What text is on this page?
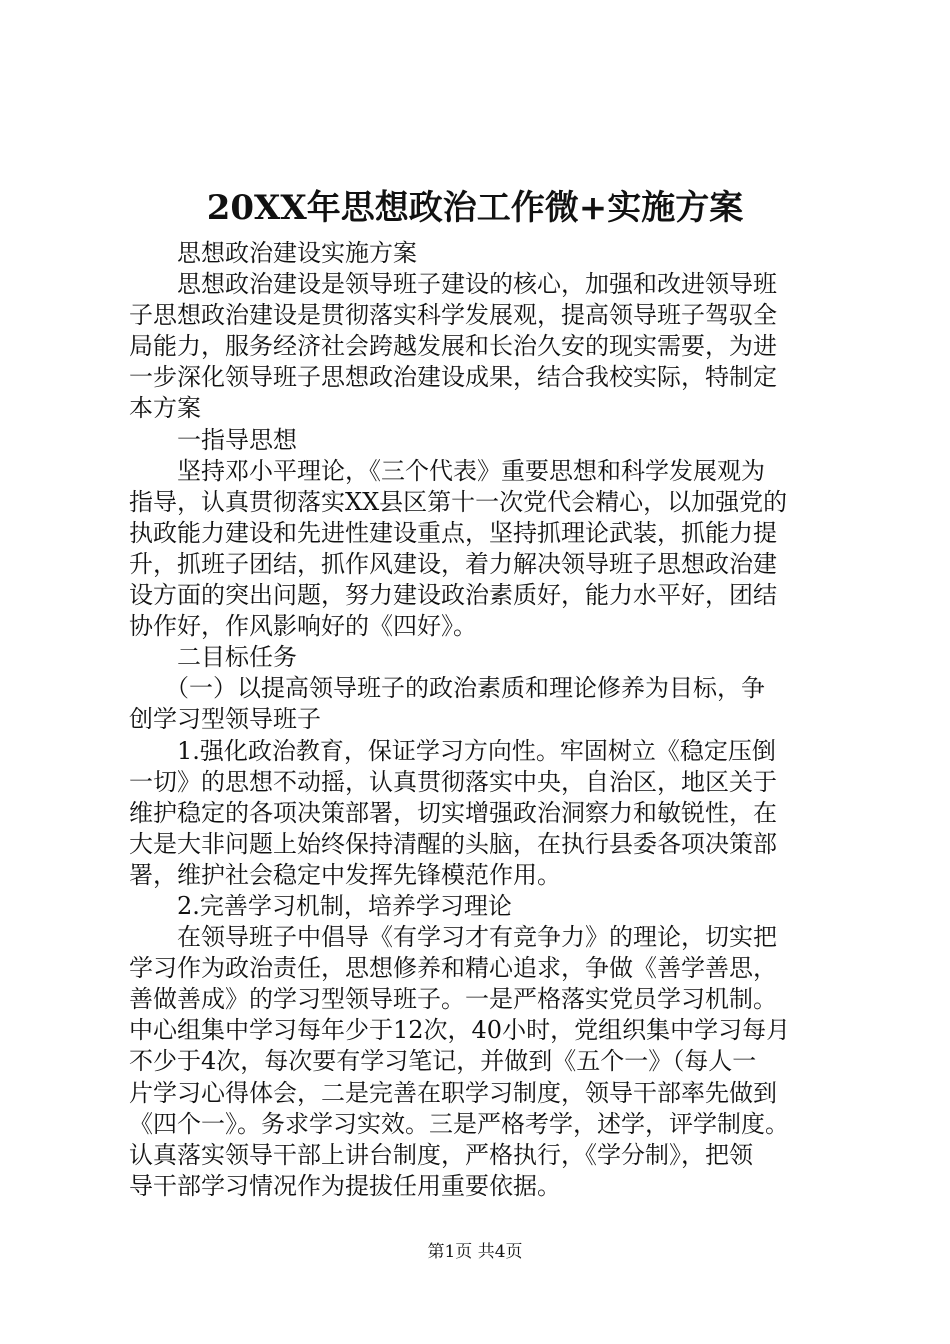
20XX年思想政治工作微+实施方案
　　思想政治建设实施方案
　　思想政治建设是领导班子建设的核心，加强和改进领导班
子思想政治建设是贯彻落实科学发展观，提高领导班子驾驭全
局能力，服务经济社会跨越发展和长治久安的现实需要，为进
一步深化领导班子思想政治建设成果，结合我校实际，特制定
本方案
　　一指导思想
　　坚持邓小平理论，《三个代表》重要思想和科学发展观为
指导，认真贯彻落实XX县区第十一次党代会精心，以加强党的
执政能力建设和先进性建设重点，坚持抓理论武装，抓能力提
升，抓班子团结，抓作风建设，着力解决领导班子思想政治建
设方面的突出问题，努力建设政治素质好，能力水平好，团结
协作好，作风影响好的《四好》。
　　二目标任务
　　（一）以提高领导班子的政治素质和理论修养为目标，争
创学习型领导班子
　　1.强化政治教育，保证学习方向性。牢固树立《稳定压倒
一切》的思想不动摇，认真贯彻落实中央，自治区，地区关于
维护稳定的各项决策部署，切实增强政治洞察力和敏锐性，在
大是大非问题上始终保持清醒的头脑，在执行县委各项决策部
署，维护社会稳定中发挥先锋模范作用。
　　2.完善学习机制，培养学习理论
　　在领导班子中倡导《有学习才有竞争力》的理论，切实把
学习作为政治责任，思想修养和精心追求，争做《善学善思，
善做善成》的学习型领导班子。一是严格落实党员学习机制。
中心组集中学习每年少于12次，40小时，党组织集中学习每月
不少于4次，每次要有学习笔记，并做到《五个一》（每人一
片学习心得体会，二是完善在职学习制度，领导干部率先做到
《四个一》。务求学习实效。三是严格考学，述学，评学制度。
认真落实领导干部上讲台制度，严格执行，《学分制》，把领
导干部学习情况作为提拔任用重要依据。
第1页 共4页
